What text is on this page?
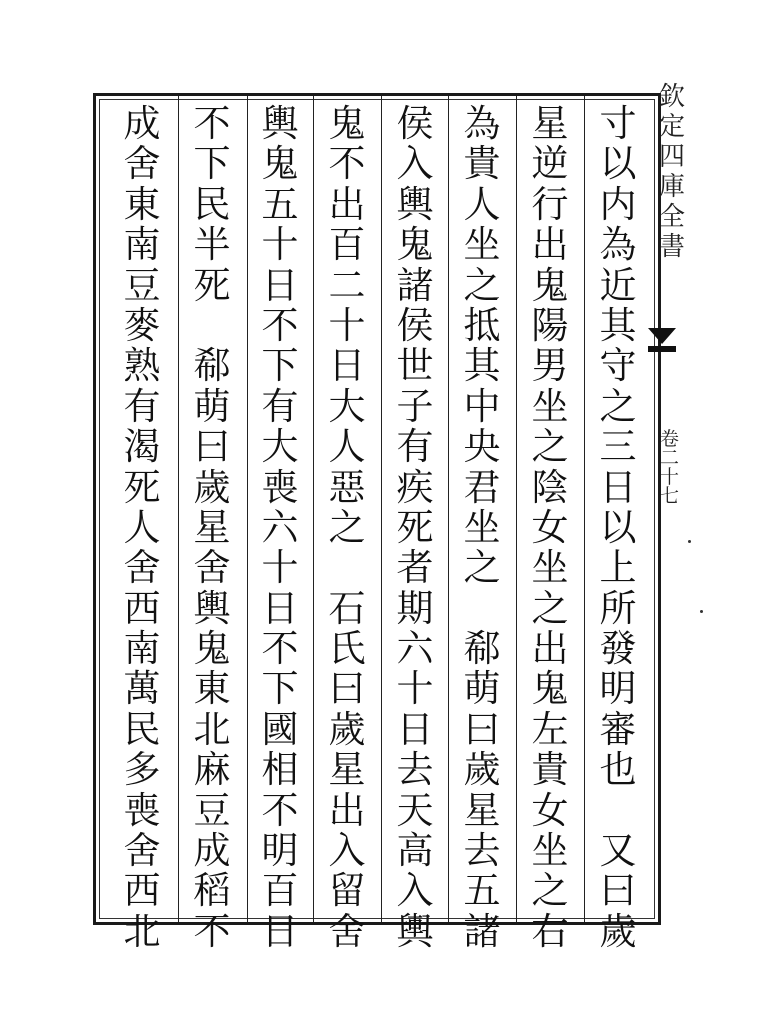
欽
定
四
庫
全
書
卷
二
十
七
寸
以
内
為
近
其
守
之
三
日
以
上
所
發
明
審
也

又
曰
歲
星
逆
行
出
鬼
陽
男
坐
之
陰
女
坐
之
出
鬼
左
貴
女
坐
之
右
為
貴
人
坐
之
抵
其
中
央
君
坐
之

郗
萌
曰
歲
星
去
五
諸
侯
入
輿
鬼
諸
侯
世
子
有
疾
死
者
期
六
十
日
去
天
高
入
輿
鬼
不
出
百
二
十
日
大
人
惡
之

石
氏
曰
歲
星
出
入
留
舍
輿
鬼
五
十
日
不
下
有
大
喪
六
十
日
不
下
國
相
不
明
百
日
不
下
民
半
死

郗
萌
曰
歲
星
舍
輿
鬼
東
北
麻
豆
成
稻
不
成
舍
東
南
豆
麥
熟
有
渴
死
人
舍
西
南
萬
民
多
喪
舍
西
北
